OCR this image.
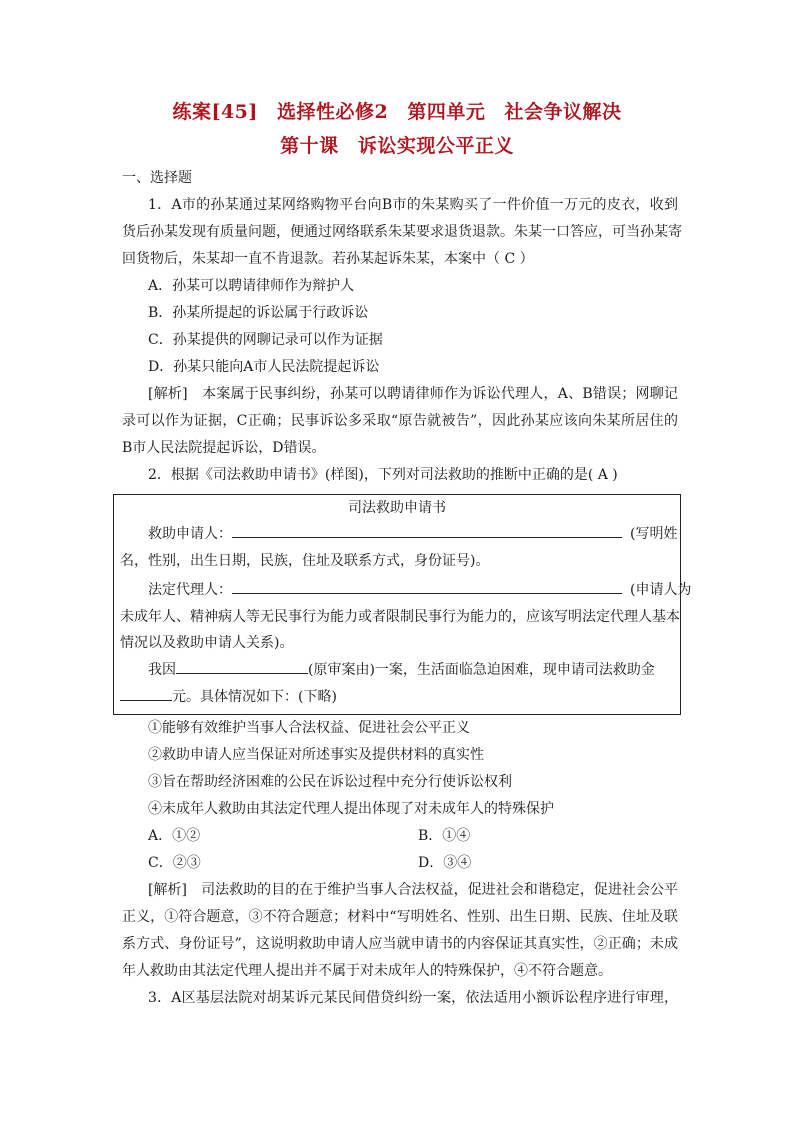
练案[45] 选择性必修2 第四单元 社会争议解决
第十课 诉讼实现公平正义
一、选择题
1．A市的孙某通过某网络购物平台向B市的朱某购买了一件价值一万元的皮衣，收到
货后孙某发现有质量问题，便通过网络联系朱某要求退货退款。朱某一口答应，可当孙某寄
回货物后，朱某却一直不肯退款。若孙某起诉朱某，本案中（ C ）
A．孙某可以聘请律师作为辩护人
B．孙某所提起的诉讼属于行政诉讼
C．孙某提供的网聊记录可以作为证据
D．孙某只能向A市人民法院提起诉讼
[解析]　本案属于民事纠纷，孙某可以聘请律师作为诉讼代理人，A、B错误；网聊记
录可以作为证据，C正确；民事诉讼多采取“原告就被告”，因此孙某应该向朱某所居住的
B市人民法院提起诉讼，D错误。
2．根据《司法救助申请书》(样图)，下列对司法救助的推断中正确的是( A )
司法救助申请书
救助申请人：	(写明姓
名，性别，出生日期，民族，住址及联系方式，身份证号)。
法定代理人：	(申请人为
未成年人、精神病人等无民事行为能力或者限制民事行为能力的，应该写明法定代理人基本
情况以及救助申请人关系)。
我因	(原审案由)一案，生活面临急迫困难，现申请司法救助金
元。具体情况如下：(下略)
①能够有效维护当事人合法权益、促进社会公平正义
②救助申请人应当保证对所述事实及提供材料的真实性
③旨在帮助经济困难的公民在诉讼过程中充分行使诉讼权利
④未成年人救助由其法定代理人提出体现了对未成年人的特殊保护
A．①②	B．①④
C．②③	D．③④
[解析]　司法救助的目的在于维护当事人合法权益，促进社会和谐稳定，促进社会公平
正义，①符合题意，③不符合题意；材料中“写明姓名、性别、出生日期、民族、住址及联
系方式、身份证号”，这说明救助申请人应当就申请书的内容保证其真实性，②正确；未成
年人救助由其法定代理人提出并不属于对未成年人的特殊保护，④不符合题意。
3．A区基层法院对胡某诉元某民间借贷纠纷一案，依法适用小额诉讼程序进行审理，
